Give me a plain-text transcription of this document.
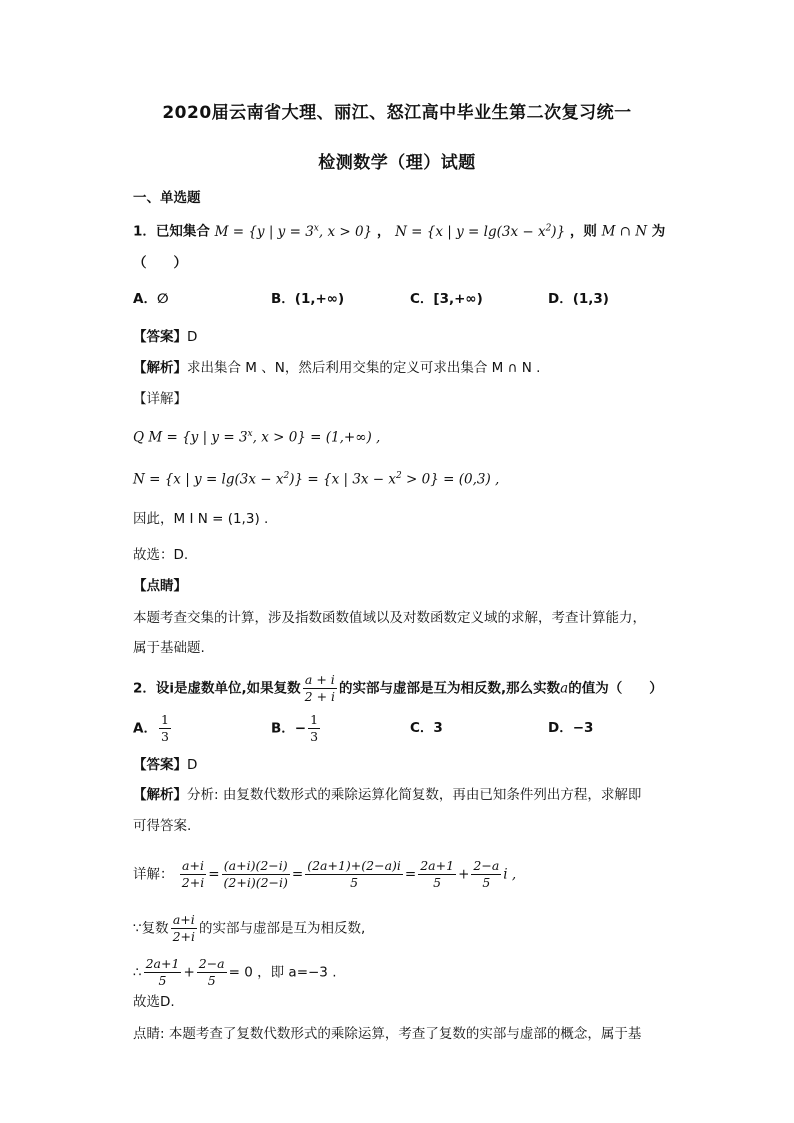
2020届云南省大理、丽江、怒江高中毕业生第二次复习统一
检测数学（理）试题
一、单选题
1．已知集合 M = {y | $y = 3^x$, x > 0} ， N = {x | $y = \lg(3x - x^2)$} ，则 M ∩ N 为
（　　）
A．∅	B．(1,+∞)	C．[3,+∞)	D．(1,3)
【答案】D
【解析】求出集合 M 、N，然后利用交集的定义可求出集合 M ∩ N .
【详解】
Q M = {y | $y = 3^x$, x > 0} = (1,+∞) ,
N = {x | $y = \lg(3x - x^2)\} = \{x$ | $3x - x^2 > 0\} = (0,3)$ ,
因此，M I N = (1,3) .
故选：D.
【点睛】
本题考查交集的计算，涉及指数函数值域以及对数函数定义域的求解，考查计算能力，
属于基础题.
2．设i是虚数单位,如果复数 $\frac{a + i}{2 + i}$ 的实部与虚部是互为相反数,那么实数a的值为（　　）
A． $\frac{1}{3}$	B．− $\frac{1}{3}$	C．3	D．−3
【答案】D
【解析】分析: 由复数代数形式的乘除运算化简复数，再由已知条件列出方程，求解即
可得答案.
详解： $\frac{a+i}{2+i} = \frac{(a+i)(2-i)}{(2+i)(2-i)} = \frac{(2a+1)+(2-a)i}{5} = \frac{2a+1}{5} + \frac{2-a}{5}$ i ,
∵复数 $\frac{a+i}{2+i}$ 的实部与虚部是互为相反数,
∴ $\frac{2a+1}{5} + \frac{2-a}{5} = 0$ ，即 a=−3 .
故选D.
点睛: 本题考查了复数代数形式的乘除运算，考查了复数的实部与虚部的概念，属于基
